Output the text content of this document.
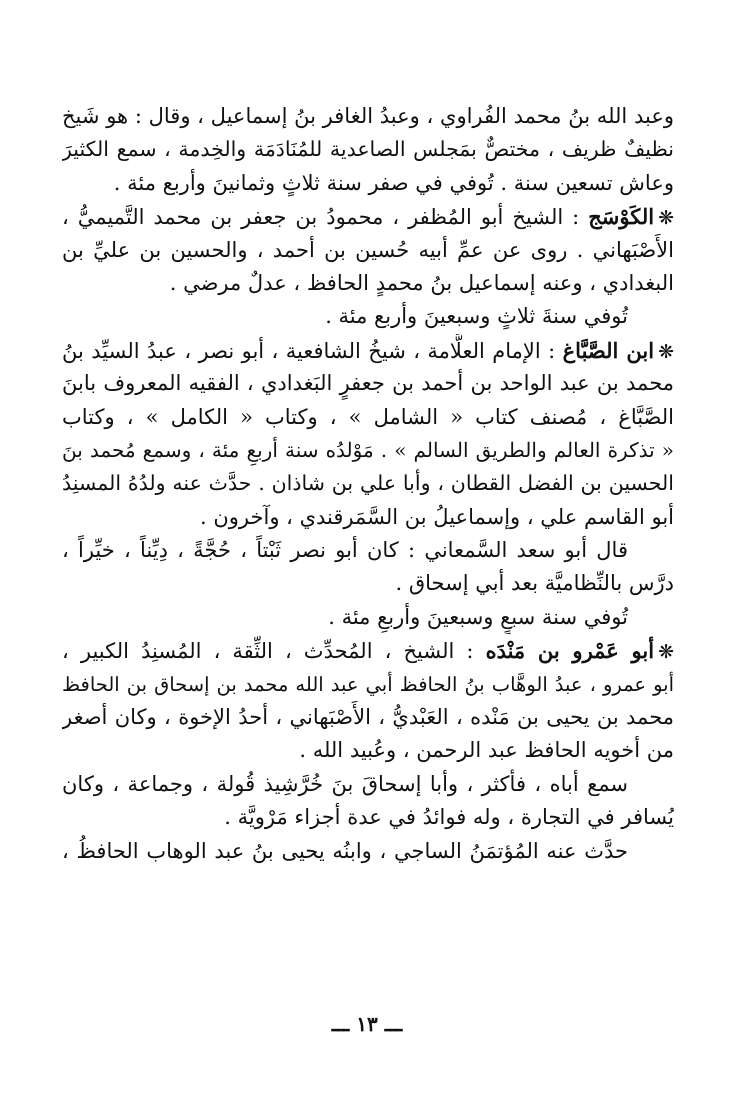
وعبد الله بنُ محمد الفُراوي ، وعبدُ الغافر بنُ إسماعيل ، وقال : هو شَيخ
نظيفٌ ظريف ، مختصٌّ بمَجلس الصاعدية للمُنَادَمَة والخِدمة ، سمع الكثيرَ
وعاش تسعين سنة . تُوفي في صفر سنة ثلاثٍ وثمانينَ وأربع مئة .
❋الكَوْسَج : الشيخ أبو المُظفر ، محمودُ بن جعفر بن محمد التَّميميُّ ،
الأَصْبَهاني . روى عن عمِّ أبيه حُسين بن أحمد ، والحسين بن عليِّ بن
البغدادي ، وعنه إسماعيل بنُ محمدٍ الحافظ ، عدلٌ مرضي .
تُوفي سنةَ ثلاثٍ وسبعينَ وأربع مئة .
❋ابن الصَّبَّاغ : الإمام العلَّامة ، شيخُ الشافعية ، أبو نصر ، عبدُ السيِّد بنُ
محمد بن عبد الواحد بن أحمد بن جعفرٍ البَغدادي ، الفقيه المعروف بابنَ
الصَّبَّاغ ، مُصنف كتاب « الشامل » ، وكتاب « الكامل » ، وكتاب
« تذكرة العالم والطريق السالم » . مَوْلدُه سنة أربعِ مئة ، وسمع مُحمد بنَ
الحسين بن الفضل القطان ، وأبا علي بن شاذان . حدَّث عنه ولدُهُ المسنِدُ
أبو القاسم علي ، وإسماعيلُ بن السَّمَرقندي ، وآخرون .
قال أبو سعد السَّمعاني : كان أبو نصر ثَبْتاً ، حُجَّةً ، دِيِّناً ، خيِّراً ،
درَّس بالنِّظاميَّة بعد أبي إسحاق .
تُوفي سنة سبعٍ وسبعينَ وأربعِ مئة .
❋أبو عَمْرو بن مَنْدَه : الشيخ ، المُحدِّث ، الثِّقة ، المُسنِدُ الكبير ،
أبو عمرو ، عبدُ الوهَّاب بنُ الحافظ أبي عبد الله محمد بن إسحاق بن الحافظ
محمد بن يحيى بن مَنْده ، العَبْديُّ ، الأَصْبَهاني ، أحدُ الإخوة ، وكان أصغر
من أخويه الحافظ عبد الرحمن ، وعُبيد الله .
سمع أباه ، فأكثر ، وأبا إسحاقَ بنَ خُرَّشِيذ قُولة ، وجماعة ، وكان
يُسافر في التجارة ، وله فوائدُ في عدة أجزاء مَرْويَّة .
حدَّث عنه المُؤتمَنُ الساجي ، وابنُه يحيى بنُ عبد الوهاب الحافظُ ،
ـــ ١٣ ـــ
